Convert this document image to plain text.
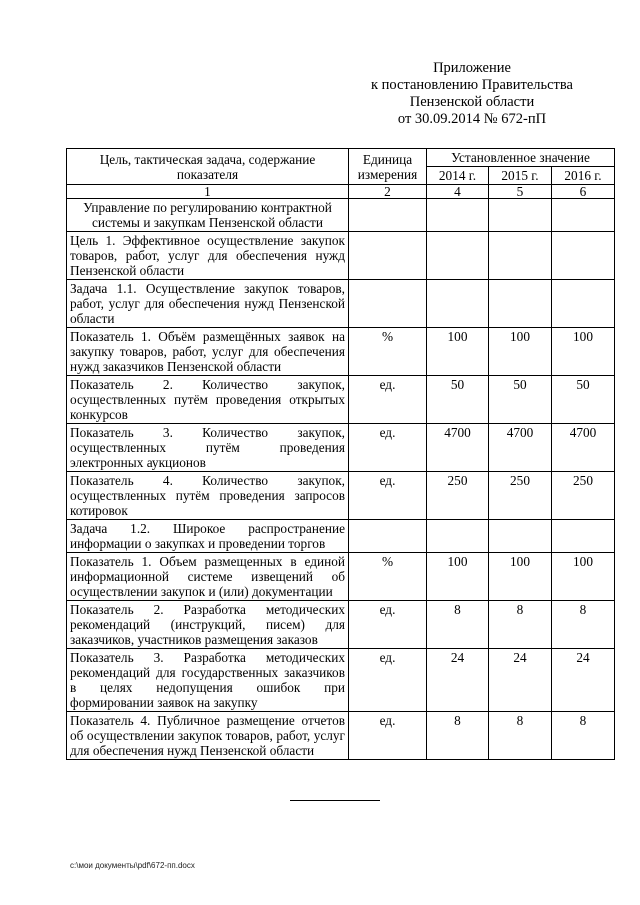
Приложение
к постановлению Правительства
Пензенской области
от 30.09.2014 № 672-пП
Цель, тактическая задача, содержание показателя	Единица измерения	Установленное значение		
		2014 г.	2015 г.	2016 г.
1	2	4	5	6
Управление по регулированию контрактной системы и закупкам Пензенской области				
Цель 1. Эффективное осуществление закупок товаров, работ, услуг для обеспечения нужд Пензенской области				
Задача 1.1. Осуществление закупок товаров, работ, услуг для обеспечения нужд Пензенской области				
Показатель 1. Объём размещённых заявок на закупку товаров, работ, услуг для обеспечения нужд заказчиков Пензенской области	%	100	100	100
Показатель 2. Количество закупок, осуществленных путём проведения открытых конкурсов	ед.	50	50	50
Показатель 3. Количество закупок, осуществленных путём проведения электронных аукционов	ед.	4700	4700	4700
Показатель 4. Количество закупок, осуществленных путём проведения запросов котировок	ед.	250	250	250
Задача 1.2. Широкое распространение информации о закупках и проведении торгов				
Показатель 1. Объем размещенных в единой информационной системе извещений об осуществлении закупок и (или) документации	%	100	100	100
Показатель 2. Разработка методических рекомендаций (инструкций, писем) для заказчиков, участников размещения заказов	ед.	8	8	8
Показатель 3. Разработка методических рекомендаций для государственных заказчиков в целях недопущения ошибок при формировании заявок на закупку	ед.	24	24	24
Показатель 4. Публичное размещение отчетов об осуществлении закупок товаров, работ, услуг для обеспечения нужд Пензенской области	ед.	8	8	8
c:\мои документы\pdf\672-пп.docx
